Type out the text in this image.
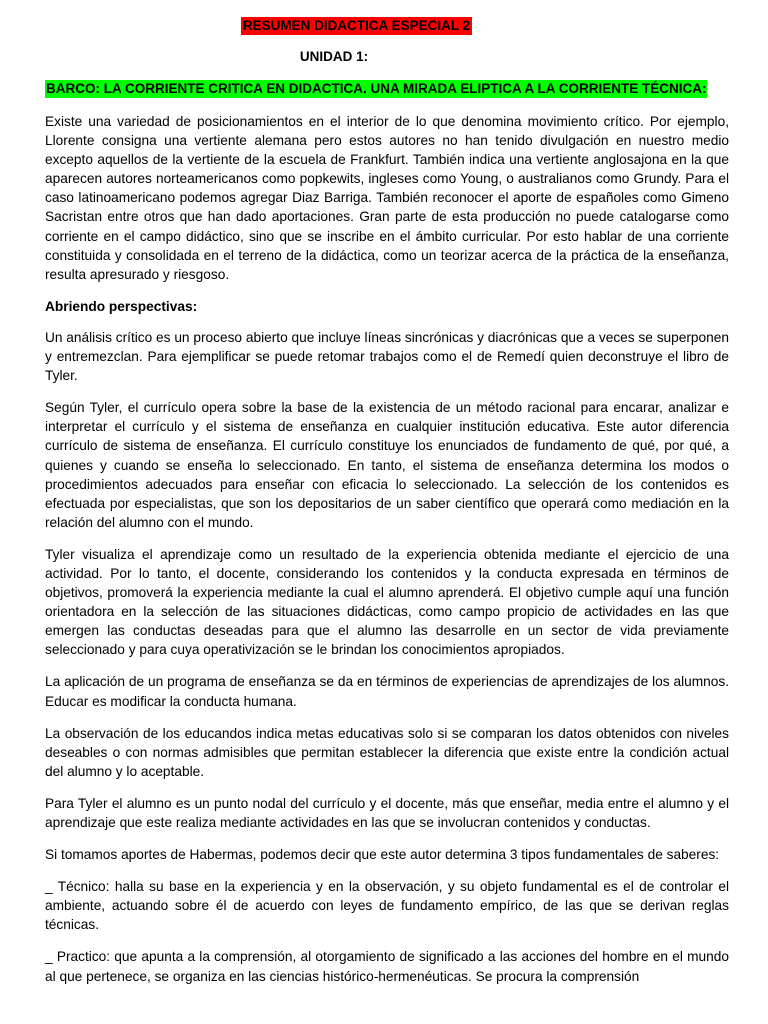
RESUMEN DIDACTICA ESPECIAL 2
UNIDAD 1:
BARCO: LA CORRIENTE CRITICA EN DIDACTICA. UNA MIRADA ELIPTICA A LA CORRIENTE TÉCNICA:

Existe una variedad de posicionamientos en el interior de lo que denomina movimiento crítico. Por ejemplo, Llorente consigna una vertiente alemana pero estos autores no han tenido divulgación en nuestro medio excepto aquellos de la vertiente de la escuela de Frankfurt. También indica una vertiente anglosajona en la que aparecen autores norteamericanos como popkewits, ingleses como Young, o australianos como Grundy. Para el caso latinoamericano podemos agregar Diaz Barriga. También reconocer el aporte de españoles como Gimeno Sacristan entre otros que han dado aportaciones. Gran parte de esta producción no puede catalogarse como corriente en el campo didáctico, sino que se inscribe en el ámbito curricular. Por esto hablar de una corriente constituida y consolidada en el terreno de la didáctica, como un teorizar acerca de la práctica de la enseñanza, resulta apresurado y riesgoso.

Abriendo perspectivas:

Un análisis crítico es un proceso abierto que incluye líneas sincrónicas y diacrónicas que a veces se superponen y entremezclan. Para ejemplificar se puede retomar trabajos como el de Remedí quien deconstruye el libro de Tyler.

Según Tyler, el currículo opera sobre la base de la existencia de un método racional para encarar, analizar e interpretar el currículo y el sistema de enseñanza en cualquier institución educativa. Este autor diferencia currículo de sistema de enseñanza. El currículo constituye los enunciados de fundamento de qué, por qué, a quienes y cuando se enseña lo seleccionado. En tanto, el sistema de enseñanza determina los modos o procedimientos adecuados para enseñar con eficacia lo seleccionado. La selección de los contenidos es efectuada por especialistas, que son los depositarios de un saber científico que operará como mediación en la relación del alumno con el mundo.

Tyler visualiza el aprendizaje como un resultado de la experiencia obtenida mediante el ejercicio de una actividad. Por lo tanto, el docente, considerando los contenidos y la conducta expresada en términos de objetivos, promoverá la experiencia mediante la cual el alumno aprenderá. El objetivo cumple aquí una función orientadora en la selección de las situaciones didácticas, como campo propicio de actividades en las que emergen las conductas deseadas para que el alumno las desarrolle en un sector de vida previamente seleccionado y para cuya operativización se le brindan los conocimientos apropiados.

La aplicación de un programa de enseñanza se da en términos de experiencias de aprendizajes de los alumnos. Educar es modificar la conducta humana.

La observación de los educandos indica metas educativas solo si se comparan los datos obtenidos con niveles deseables o con normas admisibles que permitan establecer la diferencia que existe entre la condición actual del alumno y lo aceptable.

Para Tyler el alumno es un punto nodal del currículo y el docente, más que enseñar, media entre el alumno y el aprendizaje que este realiza mediante actividades en las que se involucran contenidos y conductas.

Si tomamos aportes de Habermas, podemos decir que este autor determina 3 tipos fundamentales de saberes:

_ Técnico: halla su base en la experiencia y en la observación, y su objeto fundamental es el de controlar el ambiente, actuando sobre él de acuerdo con leyes de fundamento empírico, de las que se derivan reglas técnicas.

_ Practico: que apunta a la comprensión, al otorgamiento de significado a las acciones del hombre en el mundo al que pertenece, se organiza en las ciencias histórico-hermenéuticas. Se procura la comprensión
